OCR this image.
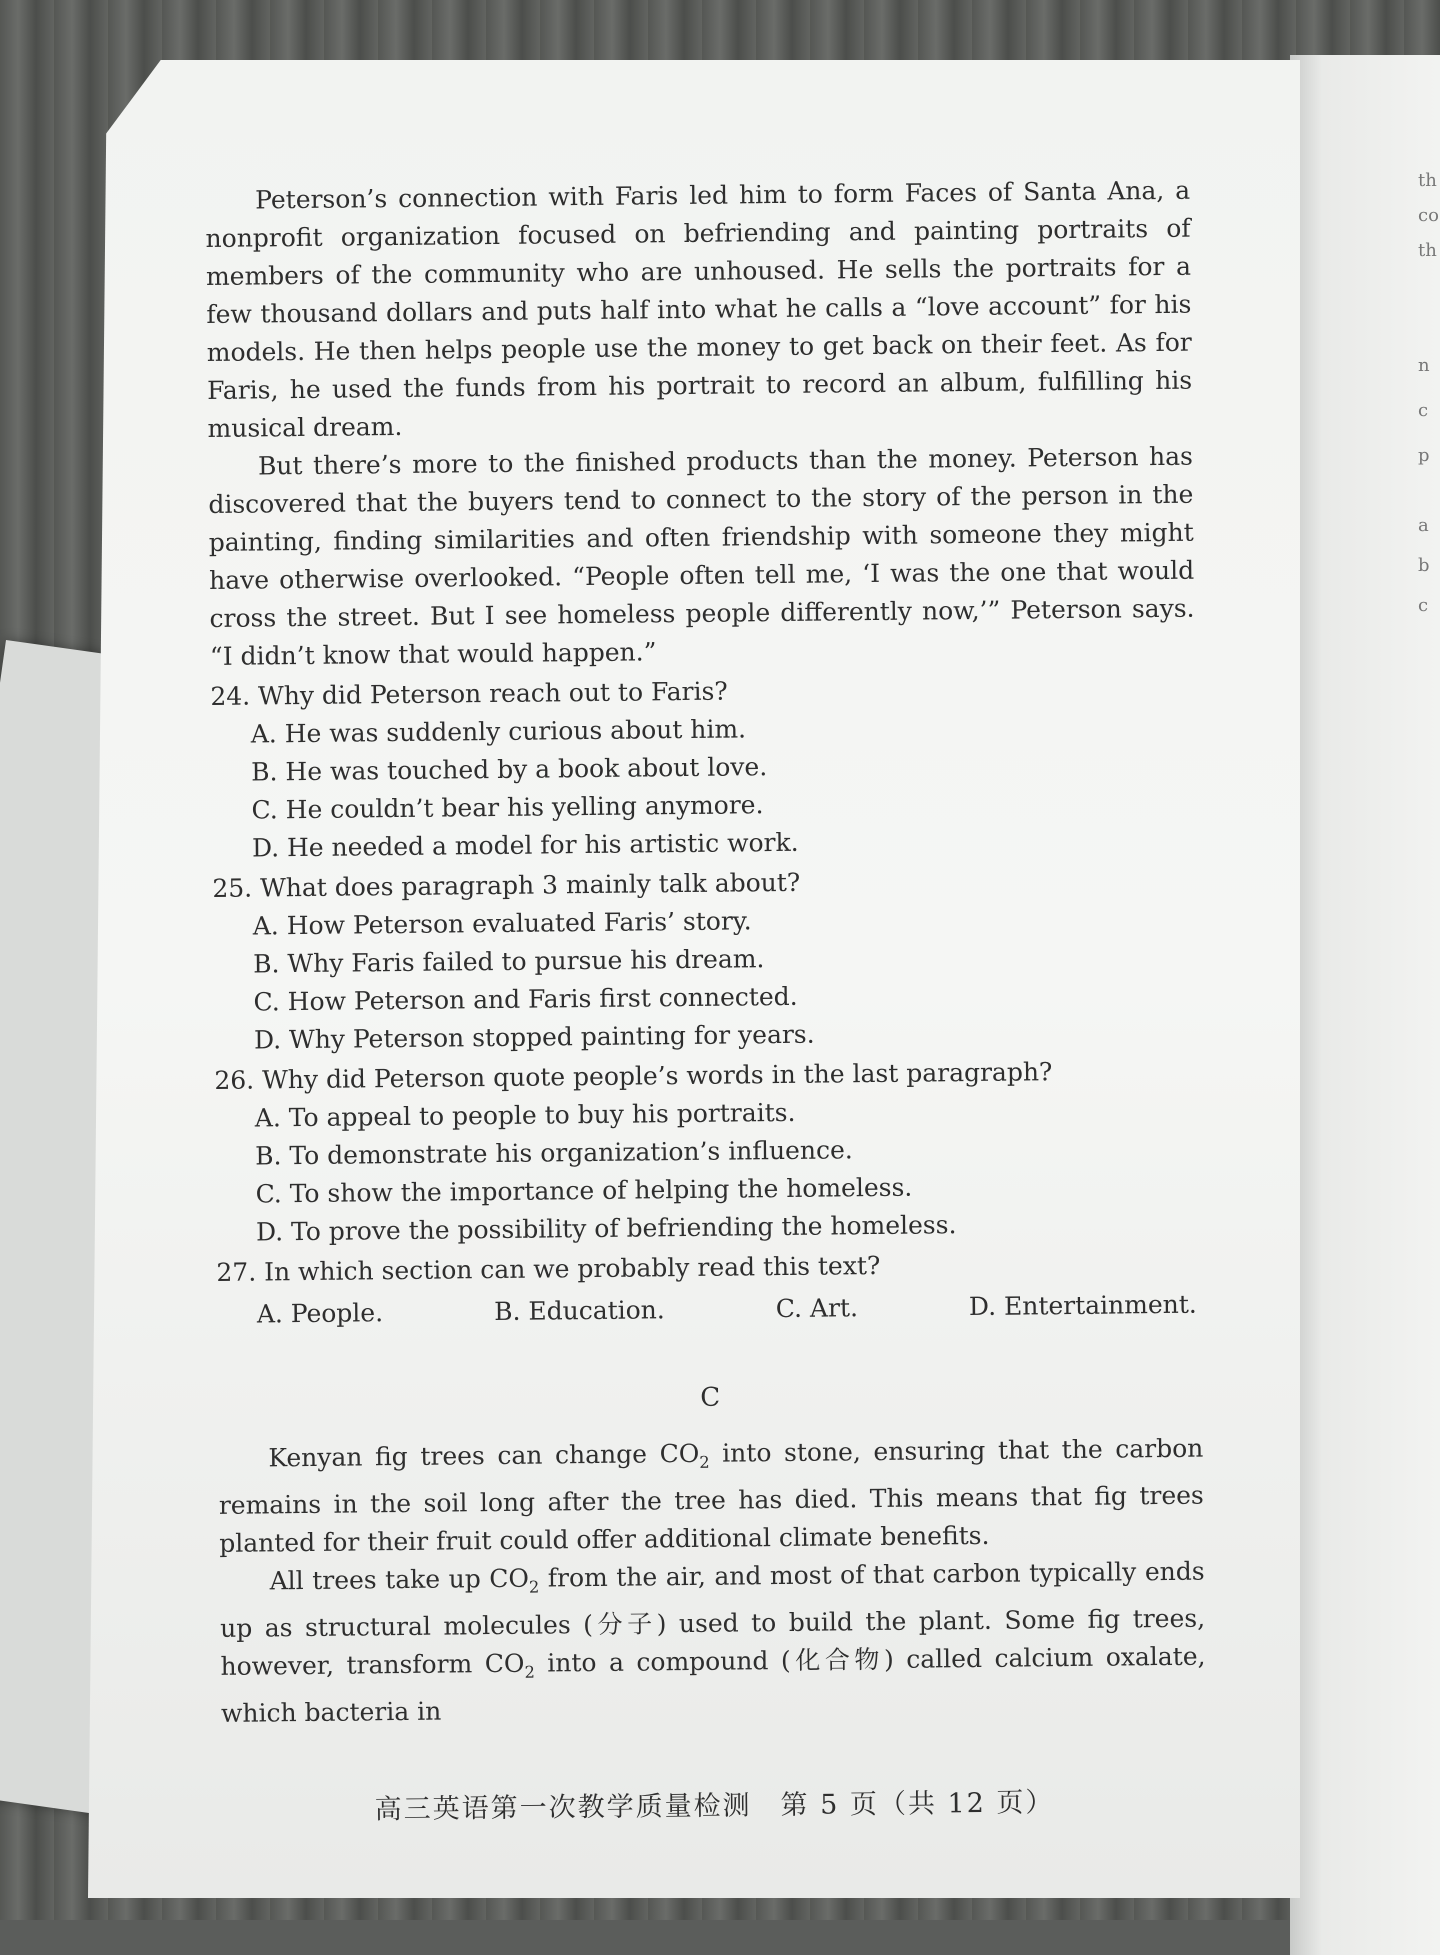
th
co
th
n
c
p
a
b
c

Peterson’s connection with Faris led him to form Faces of Santa Ana, a nonprofit organization focused on befriending and painting portraits of members of the community who are unhoused. He sells the portraits for a few thousand dollars and puts half into what he calls a “love account” for his models. He then helps people use the money to get back on their feet. As for Faris, he used the funds from his portrait to record an album, fulfilling his musical dream.

But there’s more to the finished products than the money. Peterson has discovered that the buyers tend to connect to the story of the person in the painting, finding similarities and often friendship with someone they might have otherwise overlooked. “People often tell me, ‘I was the one that would cross the street. But I see homeless people differently now,’” Peterson says. “I didn’t know that would happen.”

24. Why did Peterson reach out to Faris?

A. He was suddenly curious about him.

B. He was touched by a book about love.

C. He couldn’t bear his yelling anymore.

D. He needed a model for his artistic work.

25. What does paragraph 3 mainly talk about?

A. How Peterson evaluated Faris’ story.

B. Why Faris failed to pursue his dream.

C. How Peterson and Faris first connected.

D. Why Peterson stopped painting for years.

26. Why did Peterson quote people’s words in the last paragraph?

A. To appeal to people to buy his portraits.

B. To demonstrate his organization’s influence.

C. To show the importance of helping the homeless.

D. To prove the possibility of befriending the homeless.

27. In which section can we probably read this text?

A. People.	B. Education.	C. Art.	D. Entertainment.
C

Kenyan fig trees can change $CO_2$ into stone, ensuring that the carbon remains in the soil long after the tree has died. This means that fig trees planted for their fruit could offer additional climate benefits.

All trees take up $CO_2$ from the air, and most of that carbon typically ends up as structural molecules (分子) used to build the plant. Some fig trees, however, transform $CO_2$ into a compound (化合物) called calcium oxalate, which bacteria in

高三英语第一次教学质量检测　第 5 页（共 12 页）
